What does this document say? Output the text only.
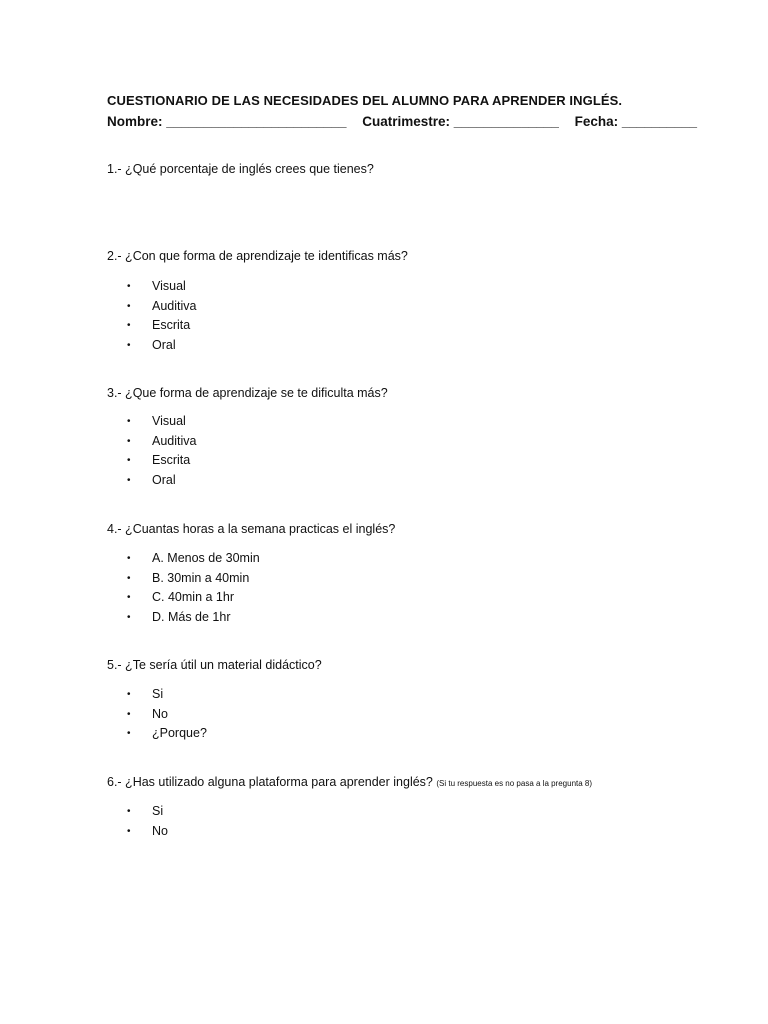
CUESTIONARIO DE LAS NECESIDADES DEL ALUMNO PARA APRENDER INGLÉS.
Nombre: ________________________ Cuatrimestre: ______________ Fecha: __________
1.- ¿Qué porcentaje de inglés crees que tienes?
2.- ¿Con que forma de aprendizaje te identificas más?
• Visual
• Auditiva
• Escrita
• Oral
3.- ¿Que forma de aprendizaje se te dificulta más?
• Visual
• Auditiva
• Escrita
• Oral
4.- ¿Cuantas horas a la semana practicas el inglés?
• A. Menos de 30min
• B. 30min a 40min
• C. 40min a 1hr
• D. Más de 1hr
5.- ¿Te sería útil un material didáctico?
• Si
• No
• ¿Porque?
6.- ¿Has utilizado alguna plataforma para aprender inglés? (Si tu respuesta es no pasa a la pregunta 8)
• Si
• No
